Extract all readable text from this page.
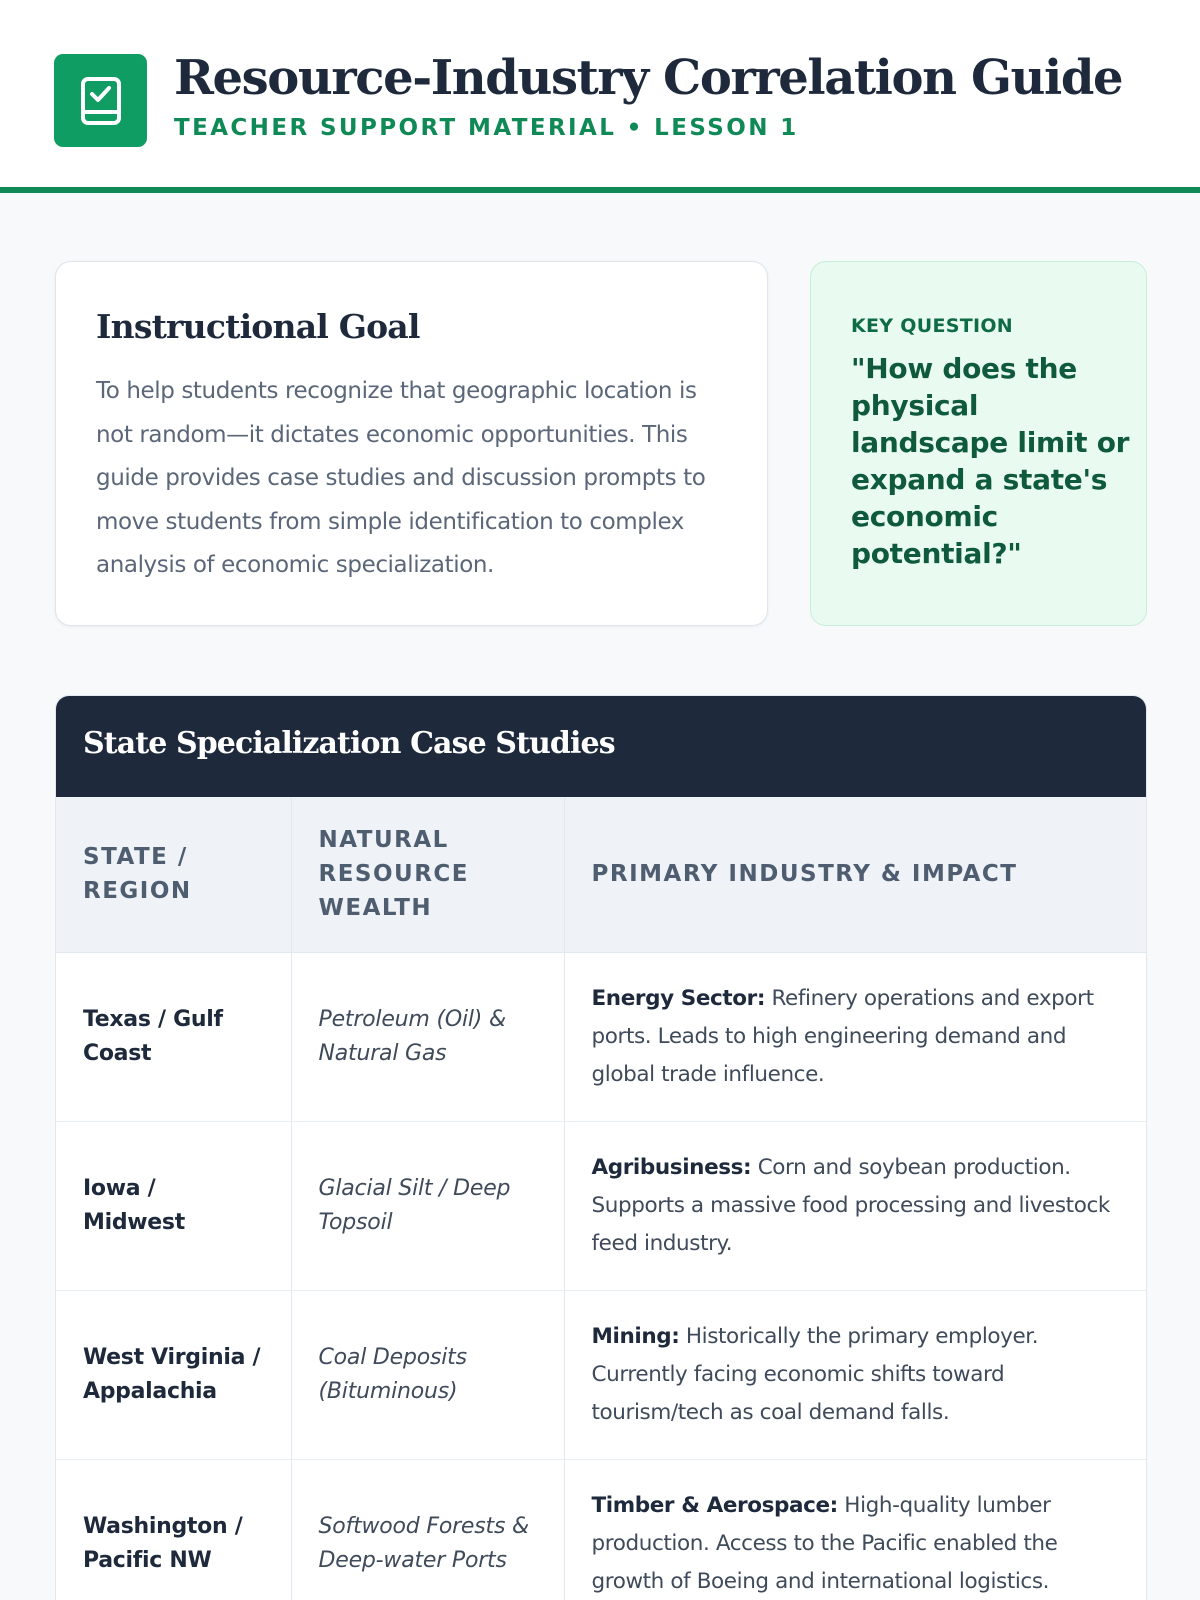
Resource-Industry Correlation Guide
TEACHER SUPPORT MATERIAL • LESSON 1
Instructional Goal
To help students recognize that geographic location is not random—it dictates economic opportunities. This guide provides case studies and discussion prompts to move students from simple identification to complex analysis of economic specialization.
KEY QUESTION
"How does the physical landscape limit or expand a state's economic potential?"
State Specialization Case Studies
STATE / REGION	NATURAL RESOURCE WEALTH	PRIMARY INDUSTRY & IMPACT

Texas / Gulf Coast	Petroleum (Oil) & Natural Gas	Energy Sector: Refinery operations and export ports. Leads to high engineering demand and global trade influence.

Iowa / Midwest	Glacial Silt / Deep Topsoil	Agribusiness: Corn and soybean production. Supports a massive food processing and livestock feed industry.

West Virginia / Appalachia	Coal Deposits (Bituminous)	Mining: Historically the primary employer. Currently facing economic shifts toward tourism/tech as coal demand falls.

Washington / Pacific NW	Softwood Forests & Deep-water Ports	Timber & Aerospace: High-quality lumber production. Access to the Pacific enabled the growth of Boeing and international logistics.
